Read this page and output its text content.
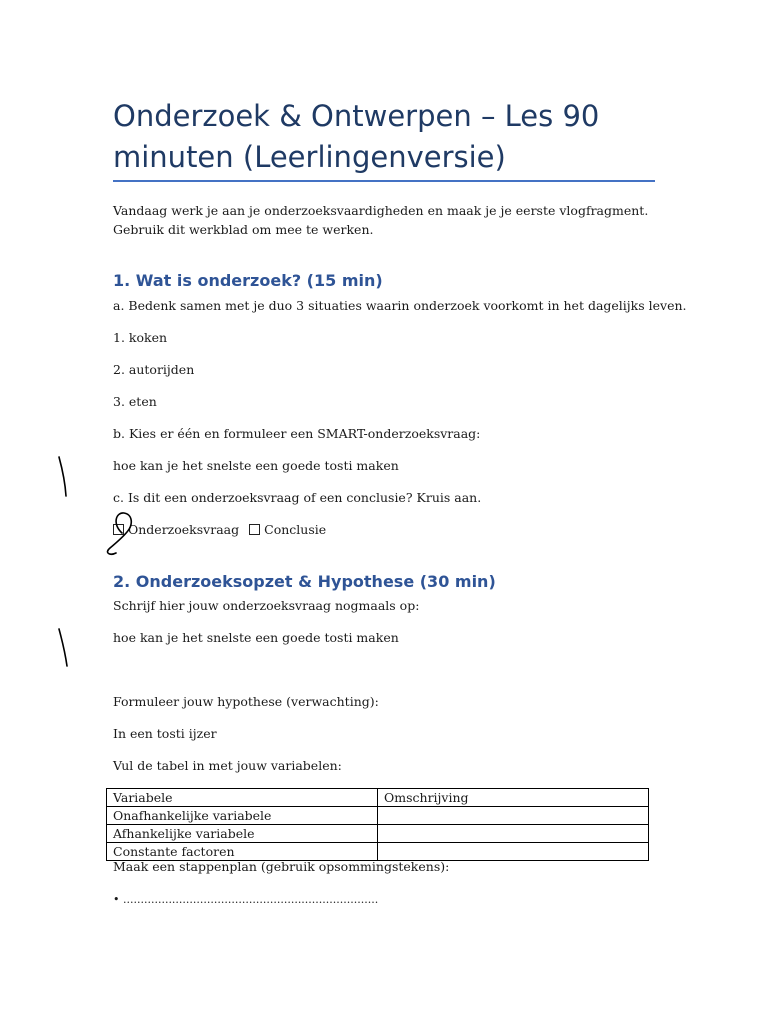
Onderzoek & Ontwerpen – Les 90 minuten (Leerlingenversie)
Vandaag werk je aan je onderzoeksvaardigheden en maak je je eerste vlogfragment. Gebruik dit werkblad om mee te werken.
1. Wat is onderzoek? (15 min)
a. Bedenk samen met je duo 3 situaties waarin onderzoek voorkomt in het dagelijks leven.
1. koken
2. autorijden
3. eten
b. Kies er één en formuleer een SMART-onderzoeksvraag:
hoe kan je het snelste een goede tosti maken
c. Is dit een onderzoeksvraag of een conclusie? Kruis aan.
Onderzoeksvraag Conclusie
2. Onderzoeksopzet & Hypothese (30 min)
Schrijf hier jouw onderzoeksvraag nogmaals op:
hoe kan je het snelste een goede tosti maken
Formuleer jouw hypothese (verwachting):
In een tosti ijzer
Vul de tabel in met jouw variabelen:
Variabele	Omschrijving
Onafhankelijke variabele	
Afhankelijke variabele	
Constante factoren	
Maak een stappenplan (gebruik opsommingstekens):
• .........................................................................
